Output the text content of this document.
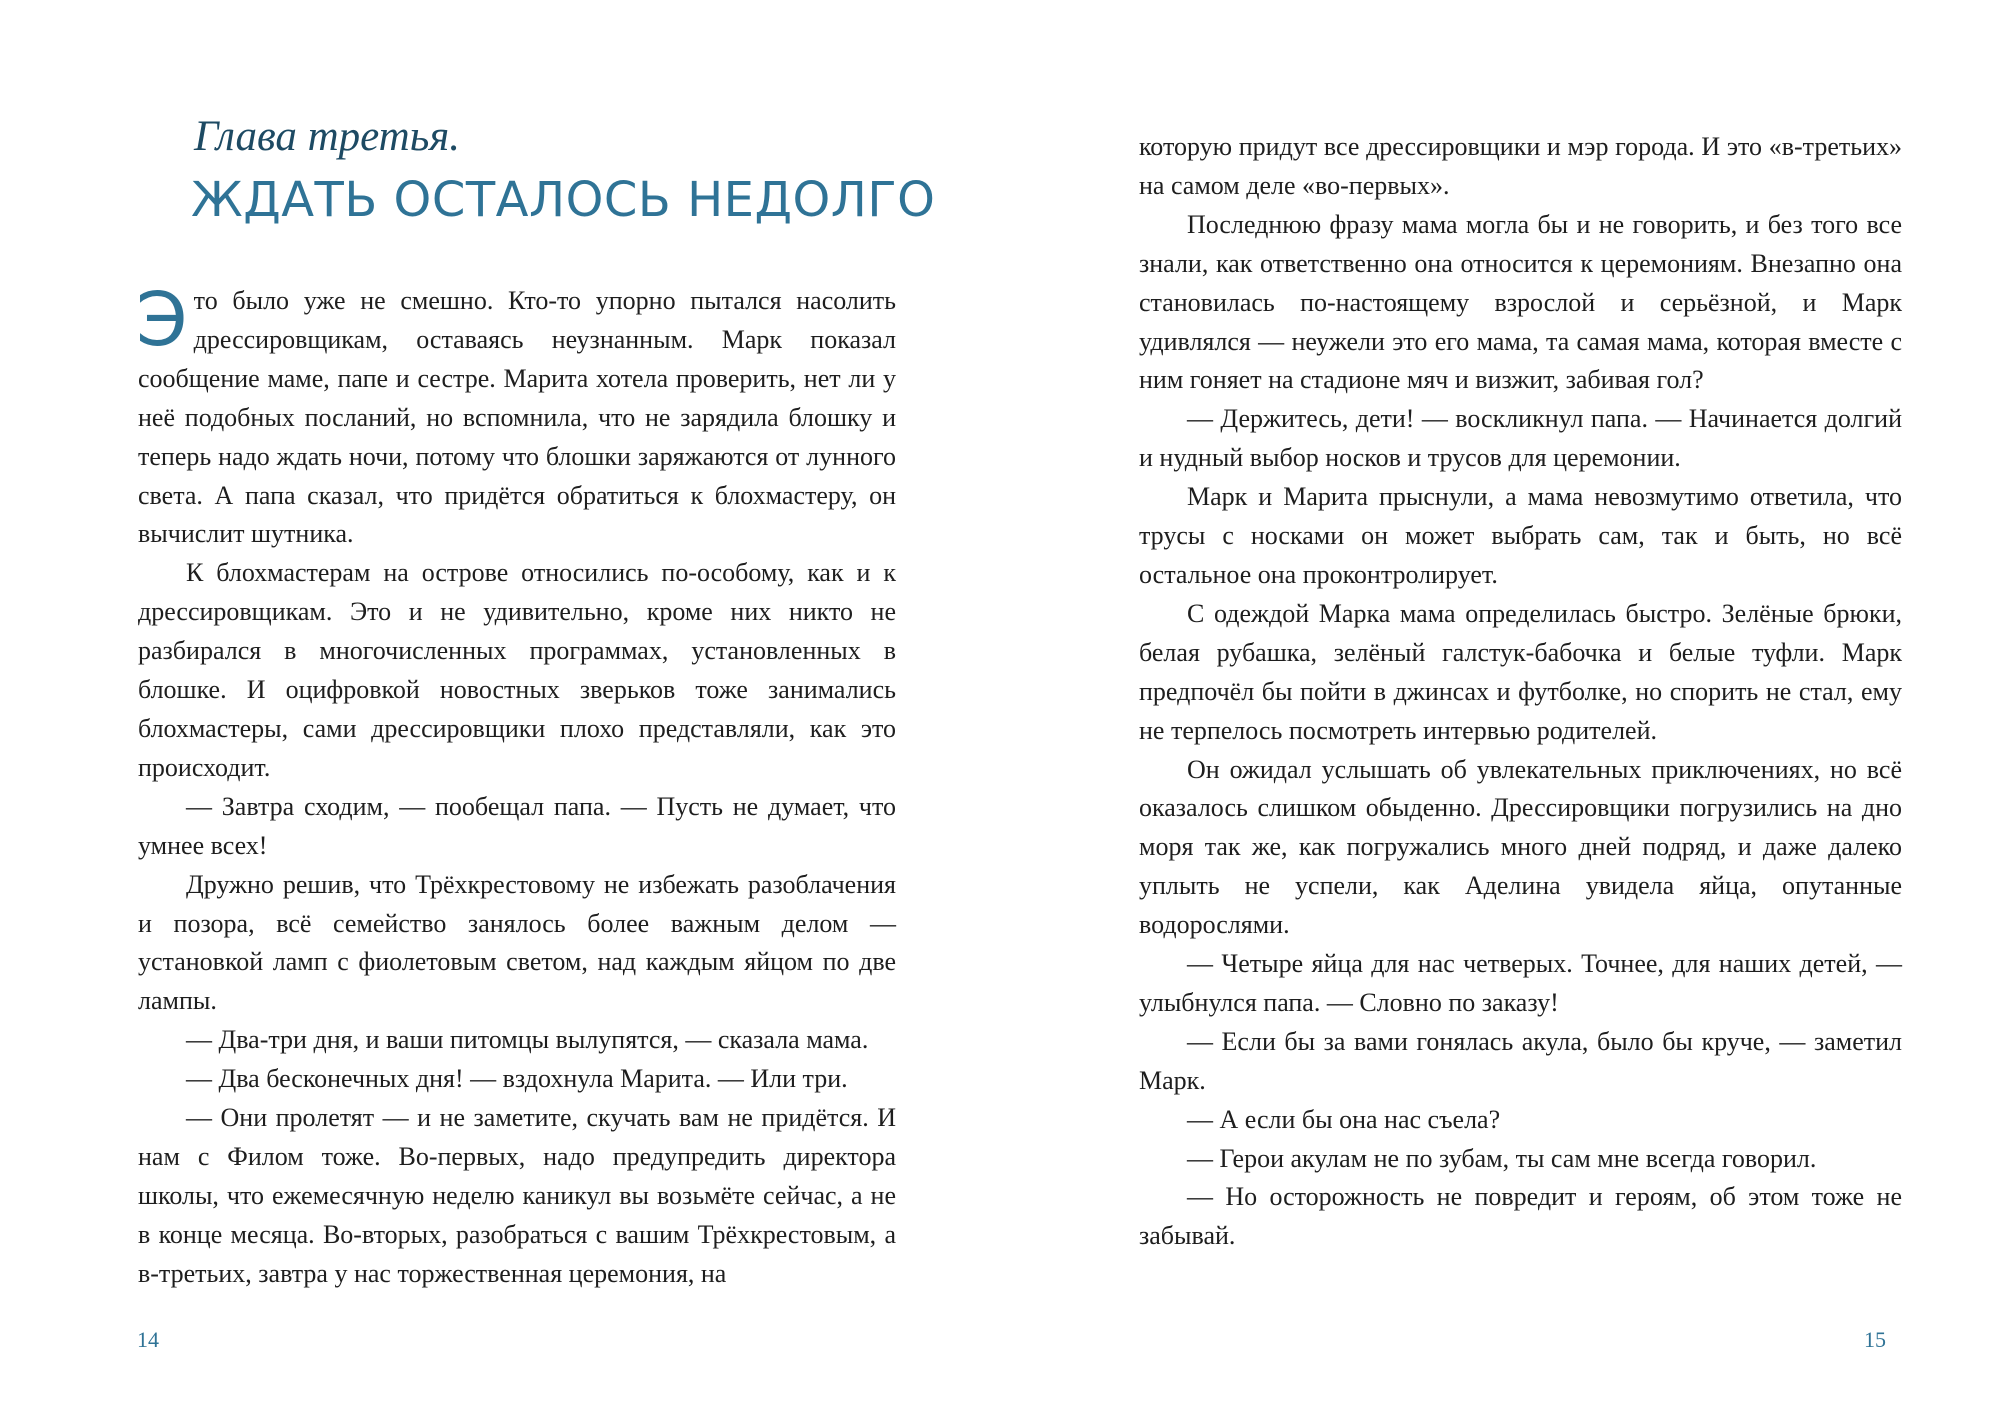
Глава третья.

ЖДАТЬ ОСТАЛОСЬ НЕДОЛГО

Это было уже не смешно. Кто-то упорно пытался насолить дрессировщикам, оставаясь неузнанным. Марк показал сообщение маме, папе и сестре. Марита хотела проверить, нет ли у неё подобных посланий, но вспомнила, что не зарядила блошку и теперь надо ждать ночи, потому что блошки заряжаются от лунного света. А папа сказал, что придётся обратиться к блохмастеру, он вычислит шутника.

К блохмастерам на острове относились по-особому, как и к дрессировщикам. Это и не удивительно, кроме них никто не разбирался в многочисленных программах, установленных в блошке. И оцифровкой новостных зверьков тоже занимались блохмастеры, сами дрессировщики плохо представляли, как это происходит.

— Завтра сходим, — пообещал папа. — Пусть не думает, что умнее всех!

Дружно решив, что Трёхкрестовому не избежать разоблачения и позора, всё семейство занялось более важным делом — установкой ламп с фиолетовым светом, над каждым яйцом по две лампы.

— Два-три дня, и ваши питомцы вылупятся, — сказала мама.

— Два бесконечных дня! — вздохнула Марита. — Или три.

— Они пролетят — и не заметите, скучать вам не придётся. И нам с Филом тоже. Во-первых, надо предупредить директора школы, что ежемесячную неделю каникул вы возьмёте сейчас, а не в конце месяца. Во-вторых, разобраться с вашим Трёхкрестовым, а в-третьих, завтра у нас торжественная церемония, на

14

которую придут все дрессировщики и мэр города. И это «в-третьих» на самом деле «во-первых».

Последнюю фразу мама могла бы и не говорить, и без того все знали, как ответственно она относится к церемониям. Внезапно она становилась по-настоящему взрослой и серьёзной, и Марк удивлялся — неужели это его мама, та самая мама, которая вместе с ним гоняет на стадионе мяч и визжит, забивая гол?

— Держитесь, дети! — воскликнул папа. — Начинается долгий и нудный выбор носков и трусов для церемонии.

Марк и Марита прыснули, а мама невозмутимо ответила, что трусы с носками он может выбрать сам, так и быть, но всё остальное она проконтролирует.

С одеждой Марка мама определилась быстро. Зелёные брюки, белая рубашка, зелёный галстук-бабочка и белые туфли. Марк предпочёл бы пойти в джинсах и футболке, но спорить не стал, ему не терпелось посмотреть интервью родителей.

Он ожидал услышать об увлекательных приключениях, но всё оказалось слишком обыденно. Дрессировщики погрузились на дно моря так же, как погружались много дней подряд, и даже далеко уплыть не успели, как Аделина увидела яйца, опутанные водорослями.

— Четыре яйца для нас четверых. Точнее, для наших детей, — улыбнулся папа. — Словно по заказу!

— Если бы за вами гонялась акула, было бы круче, — заметил Марк.

— А если бы она нас съела?

— Герои акулам не по зубам, ты сам мне всегда говорил.

— Но осторожность не повредит и героям, об этом тоже не забывай.

15
